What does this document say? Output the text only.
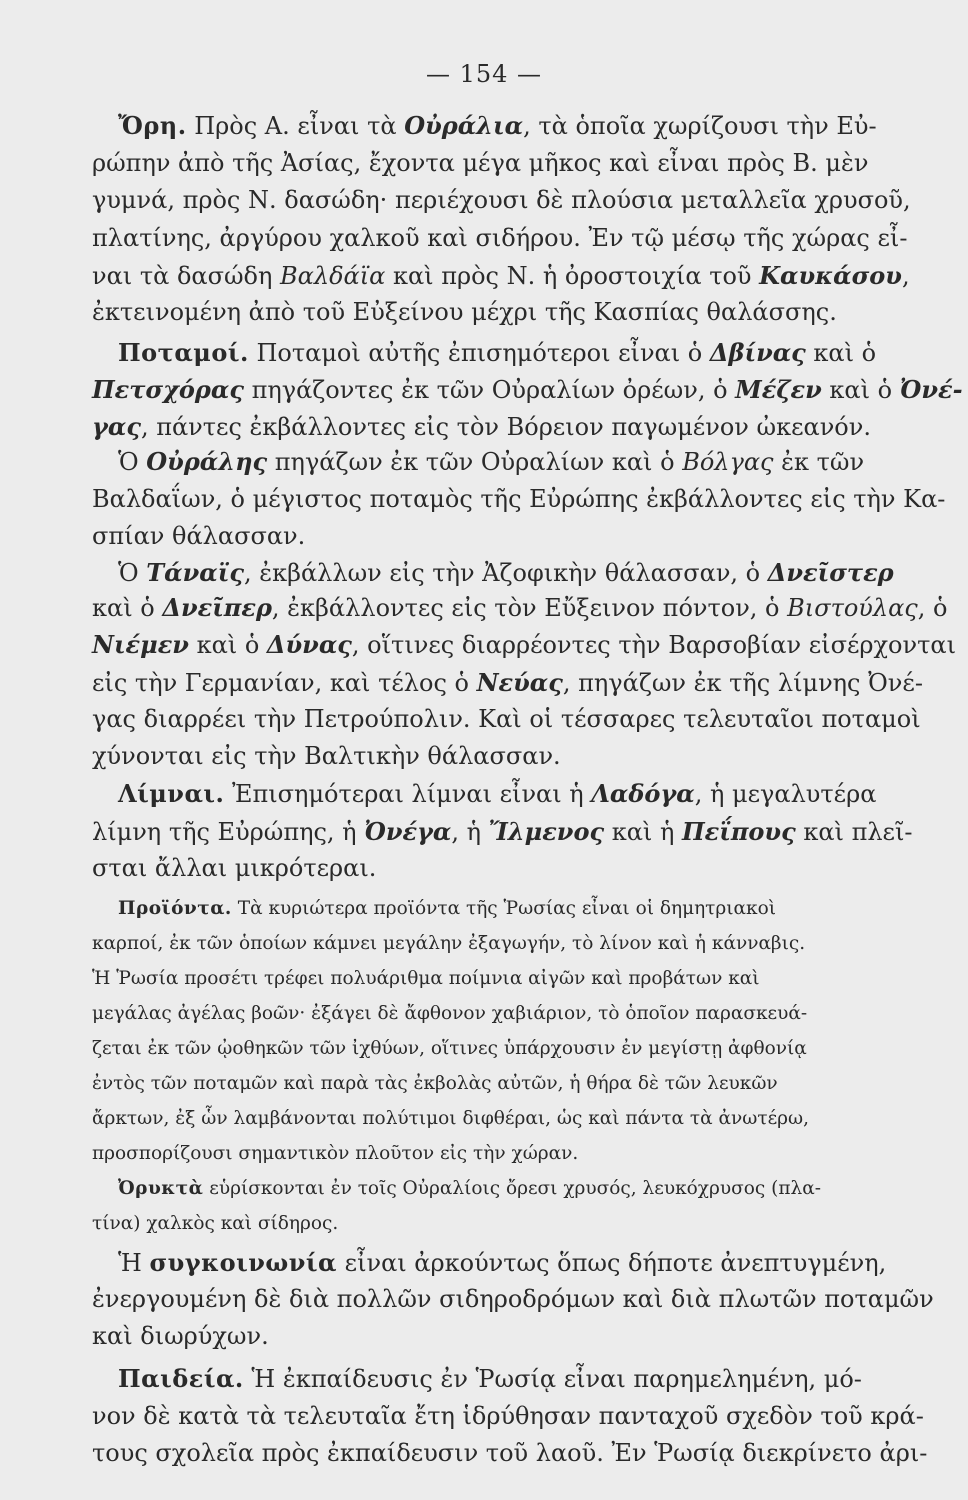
— 154 —
Ὄρη. Πρὸς Α. εἶναι τὰ Οὐράλια, τὰ ὁποῖα χωρίζουσι τὴν Εὐ-
ρώπην ἀπὸ τῆς Ἀσίας, ἔχοντα μέγα μῆκος καὶ εἶναι πρὸς Β. μὲν
γυμνά, πρὸς Ν. δασώδη· περιέχουσι δὲ πλούσια μεταλλεῖα χρυσοῦ,
πλατίνης, ἀργύρου χαλκοῦ καὶ σιδήρου. Ἐν τῷ μέσῳ τῆς χώρας εἶ-
ναι τὰ δασώδη Βαλδάϊα καὶ πρὸς Ν. ἡ ὀροστοιχία τοῦ Καυκάσου,
ἐκτεινομένη ἀπὸ τοῦ Εὐξείνου μέχρι τῆς Κασπίας θαλάσσης.
Ποταμοί. Ποταμοὶ αὐτῆς ἐπισημότεροι εἶναι ὁ Δβίνας καὶ ὁ
Πετσχόρας πηγάζοντες ἐκ τῶν Οὐραλίων ὀρέων, ὁ Μέζεν καὶ ὁ Ὀνέ-
γας, πάντες ἐκβάλλοντες εἰς τὸν Βόρειον παγωμένον ὠκεανόν.
Ὁ Οὐράλης πηγάζων ἐκ τῶν Οὐραλίων καὶ ὁ Βόλγας ἐκ τῶν
Βαλδαΐων, ὁ μέγιστος ποταμὸς τῆς Εὐρώπης ἐκβάλλοντες εἰς τὴν Κα-
σπίαν θάλασσαν.
Ὁ Τάναϊς, ἐκβάλλων εἰς τὴν Ἀζοφικὴν θάλασσαν, ὁ Δνεῖστερ
καὶ ὁ Δνεῖπερ, ἐκβάλλοντες εἰς τὸν Εὔξεινον πόντον, ὁ Βιστούλας, ὁ
Νιέμεν καὶ ὁ Δύνας, οἵτινες διαρρέοντες τὴν Βαρσοβίαν εἰσέρχονται
εἰς τὴν Γερμανίαν, καὶ τέλος ὁ Νεύας, πηγάζων ἐκ τῆς λίμνης Ὀνέ-
γας διαρρέει τὴν Πετρούπολιν. Καὶ οἱ τέσσαρες τελευταῖοι ποταμοὶ
χύνονται εἰς τὴν Βαλτικὴν θάλασσαν.
Λίμναι. Ἐπισημότεραι λίμναι εἶναι ἡ Λαδόγα, ἡ μεγαλυτέρα
λίμνη τῆς Εὐρώπης, ἡ Ὀνέγα, ἡ Ἴλμενος καὶ ἡ Πεΐπους καὶ πλεῖ-
σται ἄλλαι μικρότεραι.
Προϊόντα. Τὰ κυριώτερα προϊόντα τῆς Ῥωσίας εἶναι οἱ δημητριακοὶ
καρποί, ἐκ τῶν ὁποίων κάμνει μεγάλην ἐξαγωγήν, τὸ λίνον καὶ ἡ κάνναβις.
Ἡ Ῥωσία προσέτι τρέφει πολυάριθμα ποίμνια αἰγῶν καὶ προβάτων καὶ
μεγάλας ἀγέλας βοῶν· ἐξάγει δὲ ἄφθονον χαβιάριον, τὸ ὁποῖον παρασκευά-
ζεται ἐκ τῶν ᾠοθηκῶν τῶν ἰχθύων, οἵτινες ὑπάρχουσιν ἐν μεγίστῃ ἀφθονίᾳ
ἐντὸς τῶν ποταμῶν καὶ παρὰ τὰς ἐκβολὰς αὐτῶν, ἡ θήρα δὲ τῶν λευκῶν
ἄρκτων, ἐξ ὧν λαμβάνονται πολύτιμοι διφθέραι, ὡς καὶ πάντα τὰ ἀνωτέρω,
προσπορίζουσι σημαντικὸν πλοῦτον εἰς τὴν χώραν.
Ὀρυκτὰ εὑρίσκονται ἐν τοῖς Οὐραλίοις ὄρεσι χρυσός, λευκόχρυσος (πλα-
τίνα) χαλκὸς καὶ σίδηρος.
Ἡ συγκοινωνία εἶναι ἀρκούντως ὅπως δήποτε ἀνεπτυγμένη,
ἐνεργουμένη δὲ διὰ πολλῶν σιδηροδρόμων καὶ διὰ πλωτῶν ποταμῶν
καὶ διωρύχων.
Παιδεία. Ἡ ἐκπαίδευσις ἐν Ῥωσίᾳ εἶναι παρημελημένη, μό-
νον δὲ κατὰ τὰ τελευταῖα ἔτη ἱδρύθησαν πανταχοῦ σχεδὸν τοῦ κρά-
τους σχολεῖα πρὸς ἐκπαίδευσιν τοῦ λαοῦ. Ἐν Ῥωσίᾳ διεκρίνετο ἀρι-
